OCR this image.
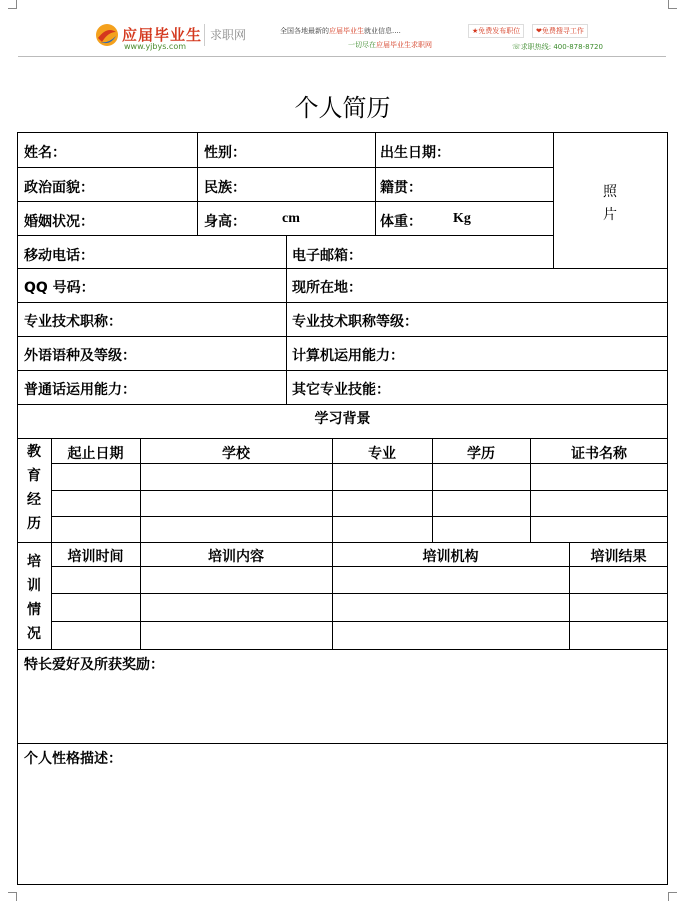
应届毕业生
www.yjbys.com
求职网	全国各地最新的应届毕业生就业信息....
一切尽在应届毕业生求职网
★免费发布职位	❤免费搜寻工作
☏求职热线: 400-878-8720
个人简历
姓名：	性别：	出生日期：
照
片
政治面貌：	民族：	籍贯：
婚姻状况：	身高：	cm	体重： Kg
移动电话：	电子邮箱：
QQ 号码：	现所在地：
专业技术职称：	专业技术职称等级：
外语语种及等级：	计算机运用能力：
普通话运用能力：	其它专业技能：
学习背景
教
育
经
历
起止日期	学校	专业	学历	证书名称
培
训
情
况
培训时间	培训内容	培训机构	培训结果
特长爱好及所获奖励：
个人性格描述：
